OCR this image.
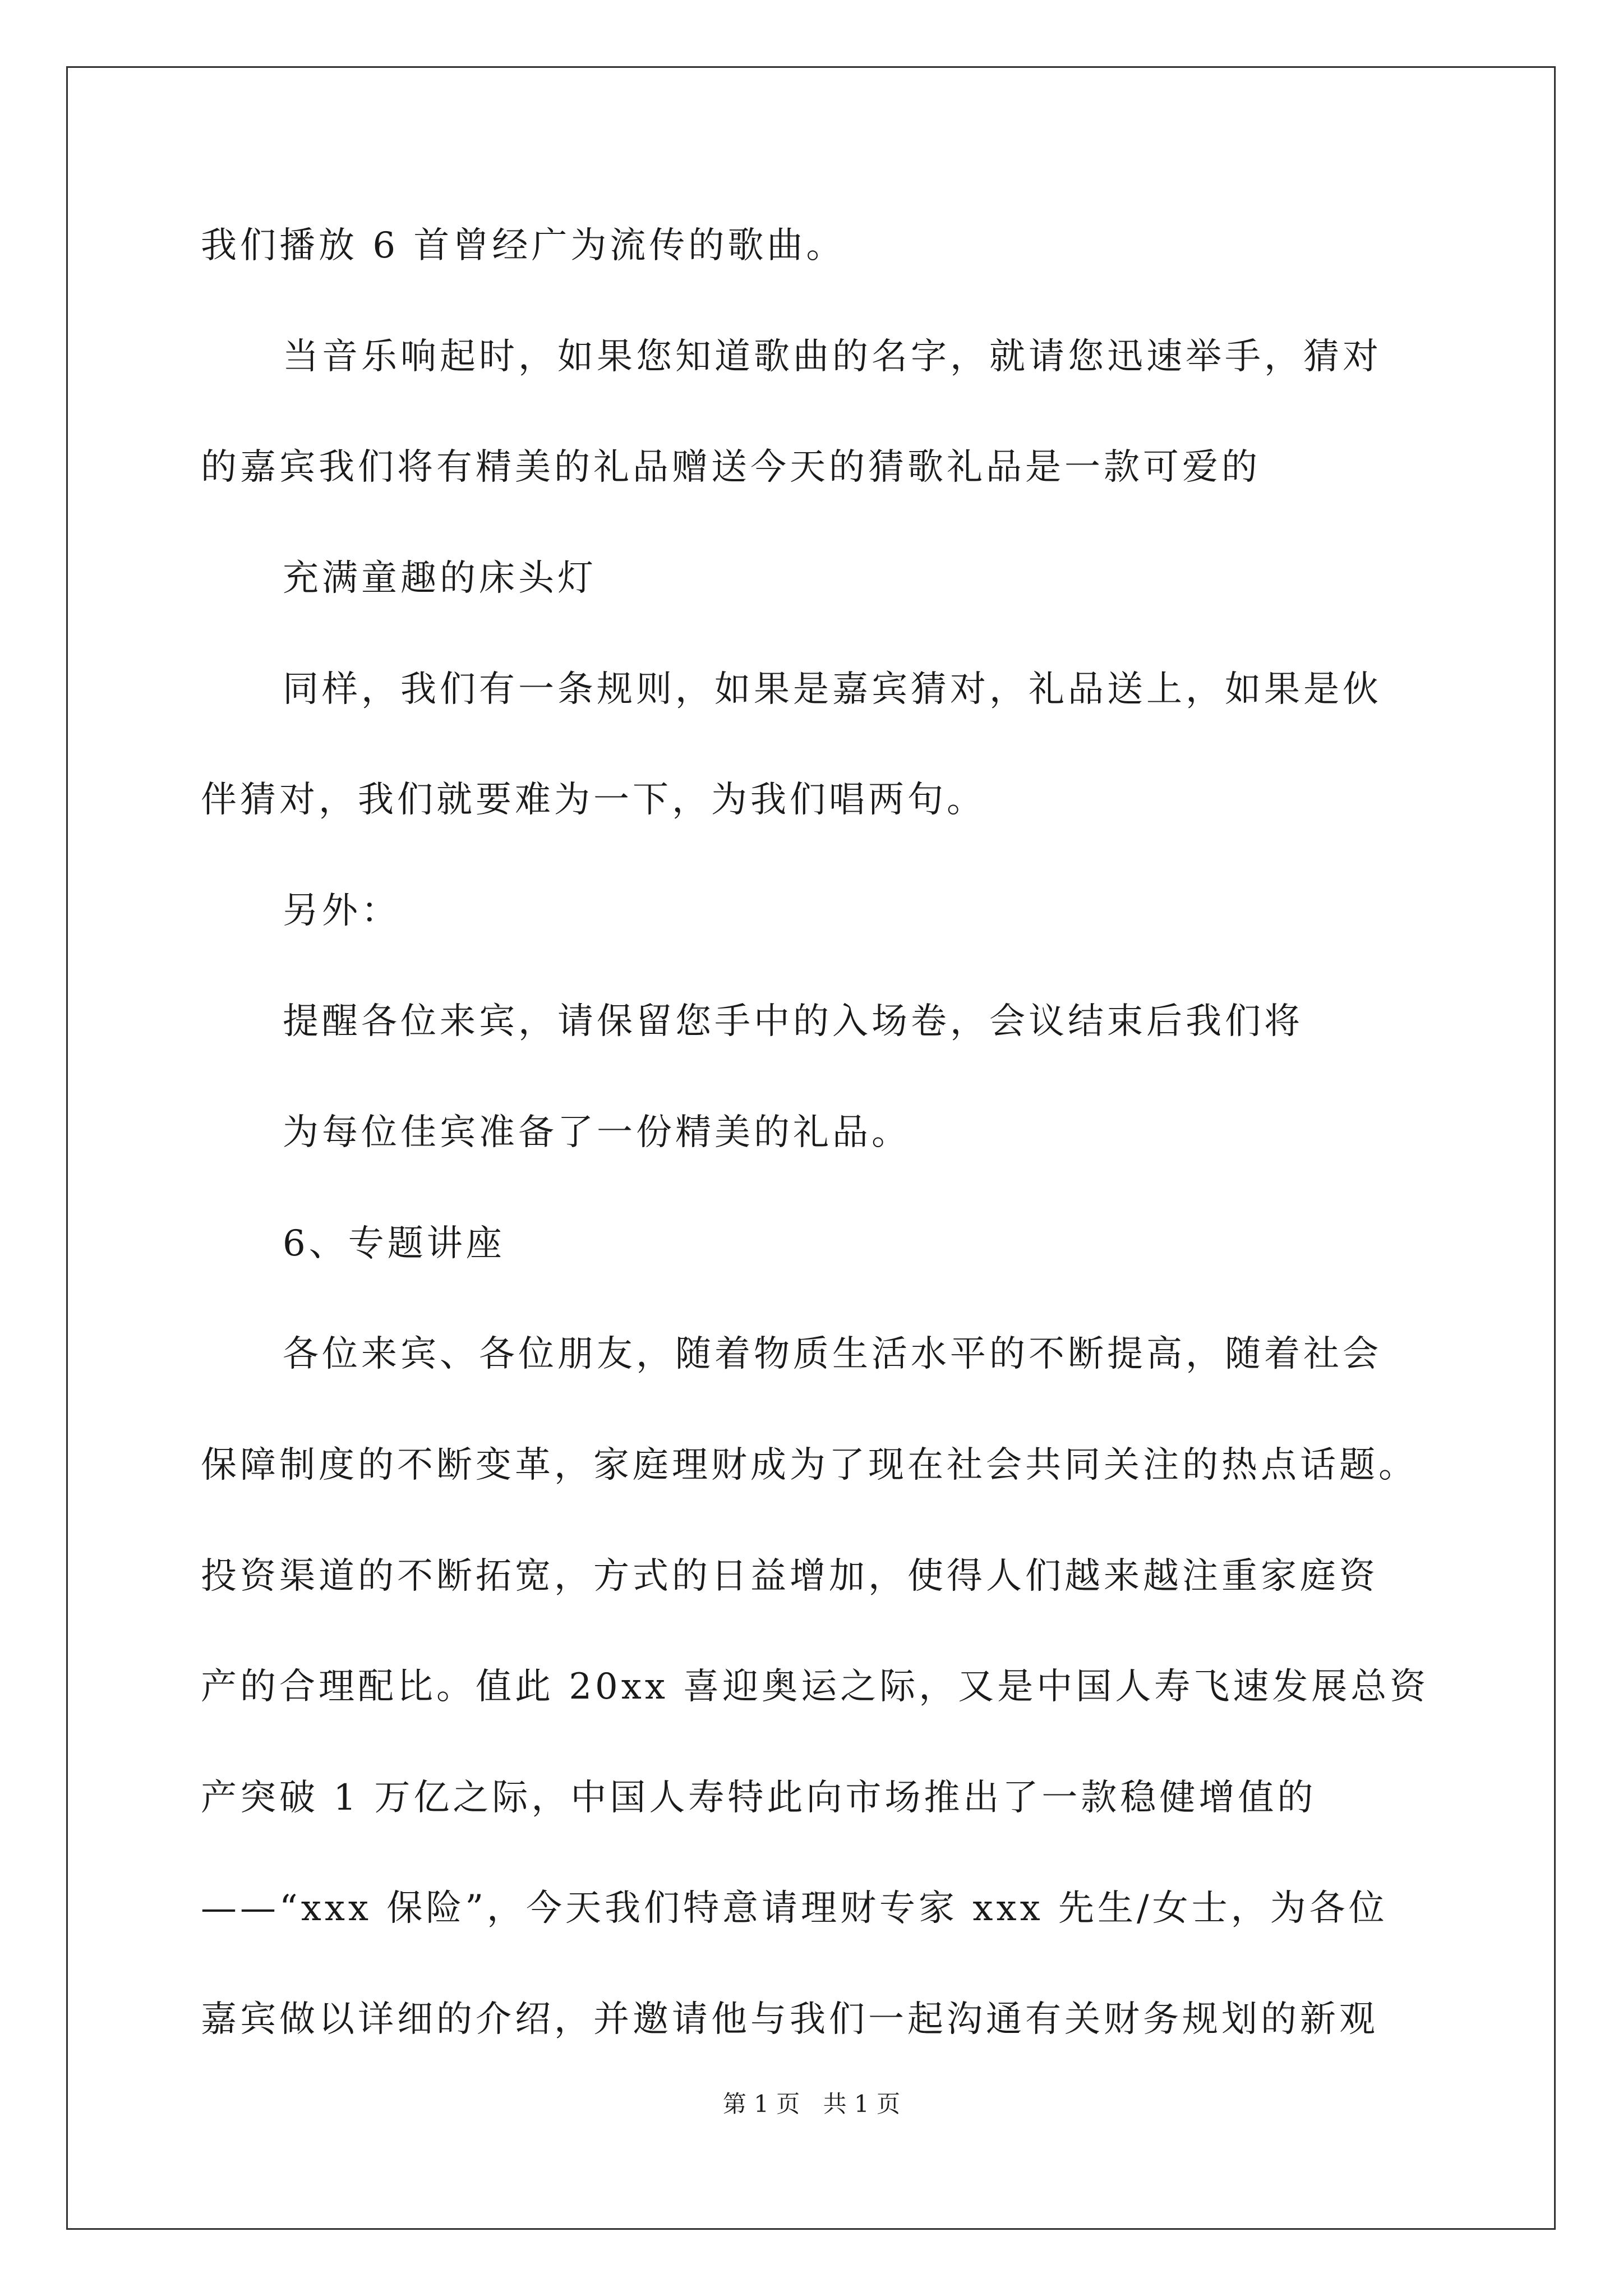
我们播放 6 首曾经广为流传的歌曲。
当音乐响起时，如果您知道歌曲的名字，就请您迅速举手，猜对
的嘉宾我们将有精美的礼品赠送今天的猜歌礼品是一款可爱的
充满童趣的床头灯
同样，我们有一条规则，如果是嘉宾猜对，礼品送上，如果是伙
伴猜对，我们就要难为一下，为我们唱两句。
另外：
提醒各位来宾，请保留您手中的入场卷，会议结束后我们将
为每位佳宾准备了一份精美的礼品。
6、专题讲座
各位来宾、各位朋友，随着物质生活水平的不断提高，随着社会
保障制度的不断变革，家庭理财成为了现在社会共同关注的热点话题。
投资渠道的不断拓宽，方式的日益增加，使得人们越来越注重家庭资
产的合理配比。值此 20xx 喜迎奥运之际，又是中国人寿飞速发展总资
产突破 1 万亿之际，中国人寿特此向市场推出了一款稳健增值的
——“xxx 保险”，今天我们特意请理财专家 xxx 先生/女士，为各位
嘉宾做以详细的介绍，并邀请他与我们一起沟通有关财务规划的新观
第 1 页 共 1 页
